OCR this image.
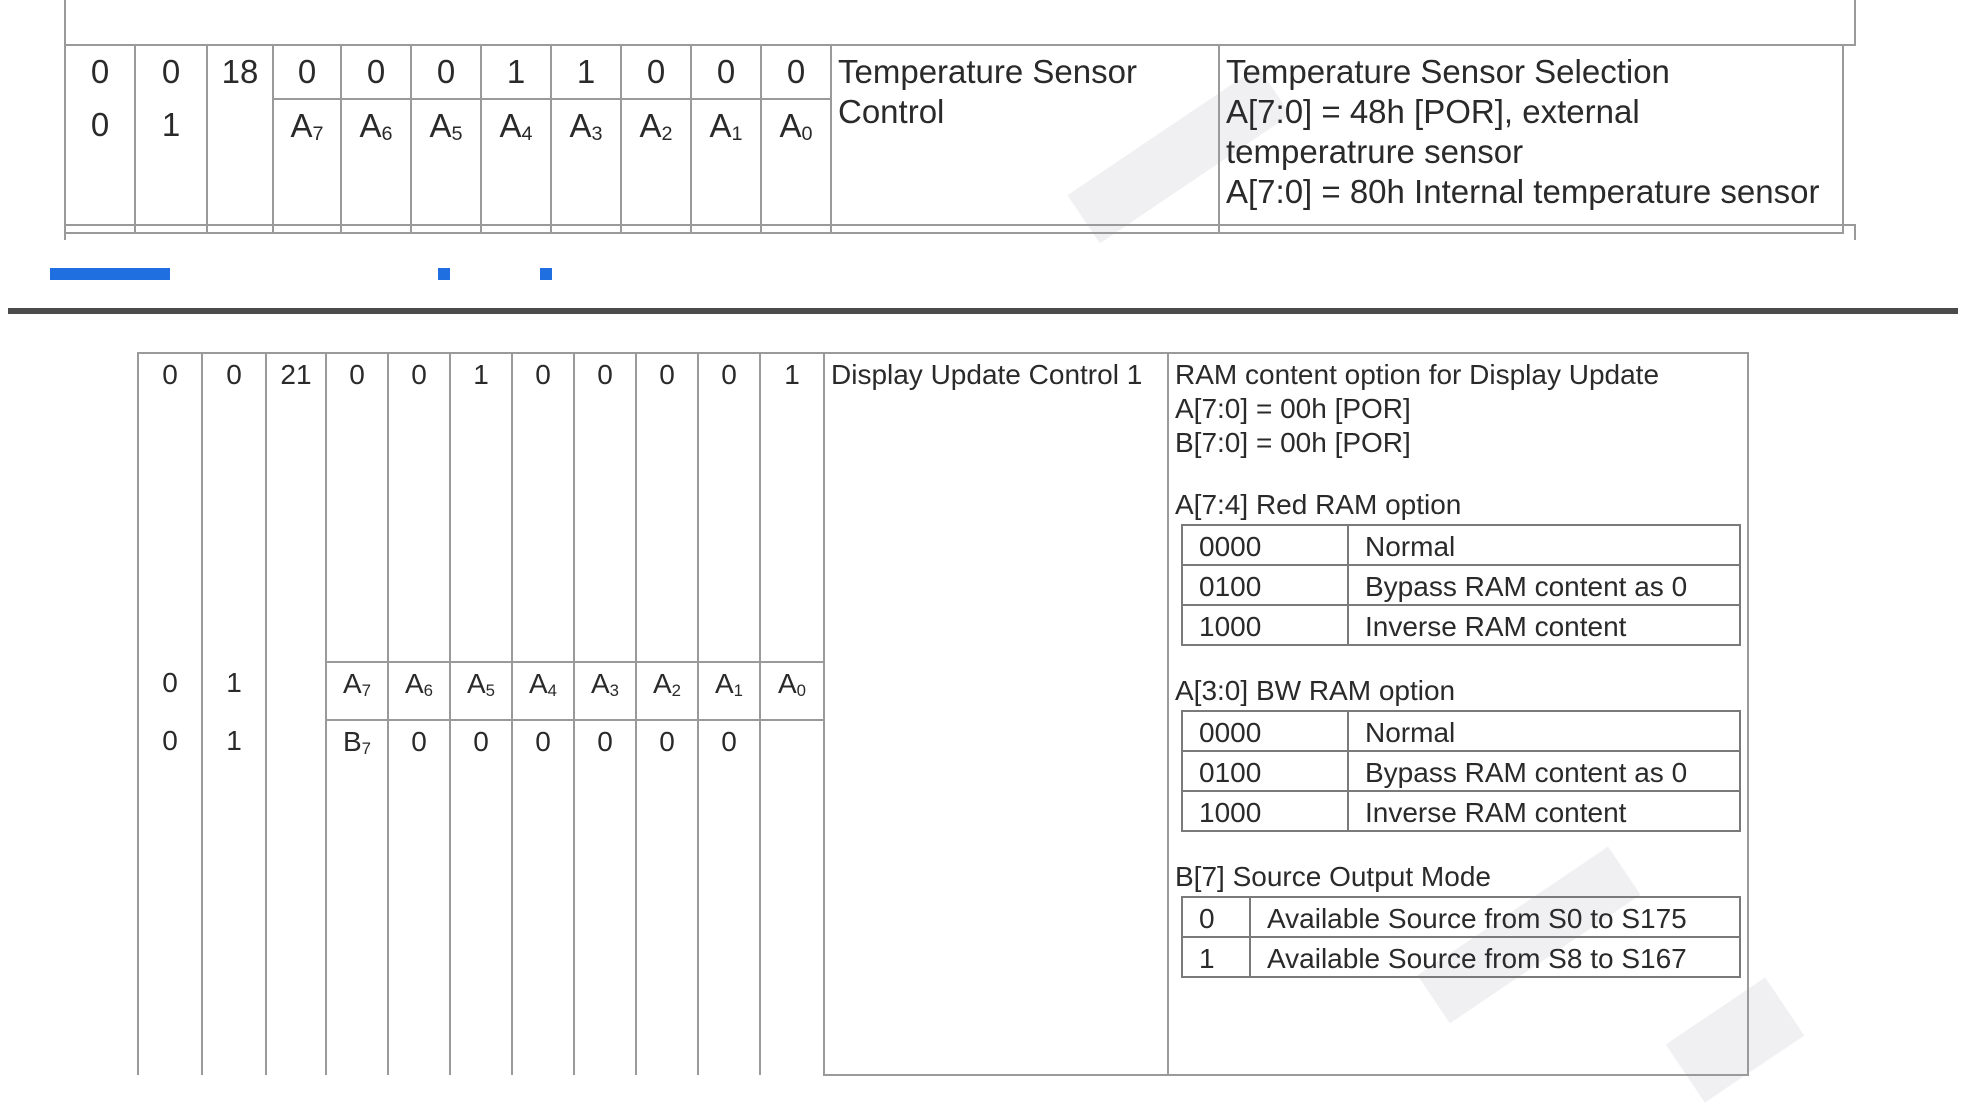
0	0	18	0	0	0	1	1	0	0	0	Temperature Sensor Control	Temperature Sensor Selection
A[7:0] = 48h [POR], external temperatrure sensor
A[7:0] = 80h Internal temperature sensor

0	1		$A_7$	$A_6$	$A_5$	$A_4$	$A_3$	$A_2$	$A_1$	$A_0$
0	0	21	0	0	1	0	0	0	0	1	Display Update Control 1	RAM content option for Display Update
A[7:0] = 00h [POR]
B[7:0] = 00h [POR]
A[7:4] Red RAM option
0000	Normal
0100	Bypass RAM content as 0
1000	Inverse RAM content
A[3:0] BW RAM option
0000	Normal
0100	Bypass RAM content as 0
1000	Inverse RAM content
B[7] Source Output Mode
0	Available Source from S0 to S175
1	Available Source from S8 to S167

0	1		$A_7$	$A_6$	$A_5$	$A_4$	$A_3$	$A_2$	$A_1$	$A_0$
0	1		$B_7$	0	0	0	0	0	0	
